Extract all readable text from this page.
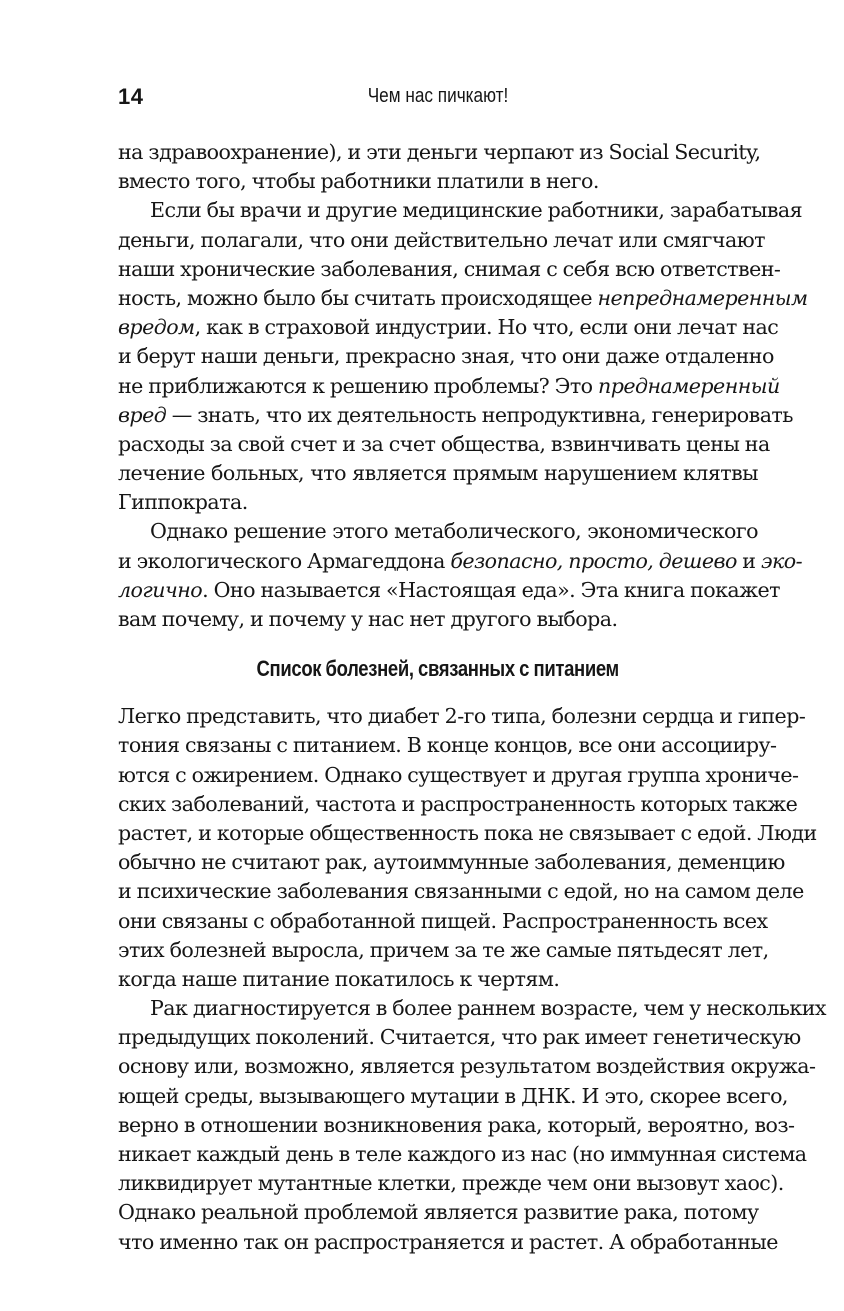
14	Чем нас пичкают!
на здравоохранение), и эти деньги черпают из Social Security,
вместо того, чтобы работники платили в него.
Если бы врачи и другие медицинские работники, зарабатывая
деньги, полагали, что они действительно лечат или смягчают
наши хронические заболевания, снимая с себя всю ответствен-
ность, можно было бы считать происходящее непреднамеренным
вредом, как в страховой индустрии. Но что, если они лечат нас
и берут наши деньги, прекрасно зная, что они даже отдаленно
не приближаются к решению проблемы? Это преднамеренный
вред — знать, что их деятельность непродуктивна, генерировать
расходы за свой счет и за счет общества, взвинчивать цены на
лечение больных, что является прямым нарушением клятвы
Гиппократа.
Однако решение этого метаболического, экономического
и экологического Армагеддона безопасно, просто, дешево и эко-
логично. Оно называется «Настоящая еда». Эта книга покажет
вам почему, и почему у нас нет другого выбора.
Список болезней, связанных с питанием
Легко представить, что диабет 2-го типа, болезни сердца и гипер-
тония связаны с питанием. В конце концов, все они ассоцииру-
ются с ожирением. Однако существует и другая группа хрониче-
ских заболеваний, частота и распространенность которых также
растет, и которые общественность пока не связывает с едой. Люди
обычно не считают рак, аутоиммунные заболевания, деменцию
и психические заболевания связанными с едой, но на самом деле
они связаны с обработанной пищей. Распространенность всех
этих болезней выросла, причем за те же самые пятьдесят лет,
когда наше питание покатилось к чертям.
Рак диагностируется в более раннем возрасте, чем у нескольких
предыдущих поколений. Считается, что рак имеет генетическую
основу или, возможно, является результатом воздействия окружа-
ющей среды, вызывающего мутации в ДНК. И это, скорее всего,
верно в отношении возникновения рака, который, вероятно, воз-
никает каждый день в теле каждого из нас (но иммунная система
ликвидирует мутантные клетки, прежде чем они вызовут хаос).
Однако реальной проблемой является развитие рака, потому
что именно так он распространяется и растет. А обработанные
